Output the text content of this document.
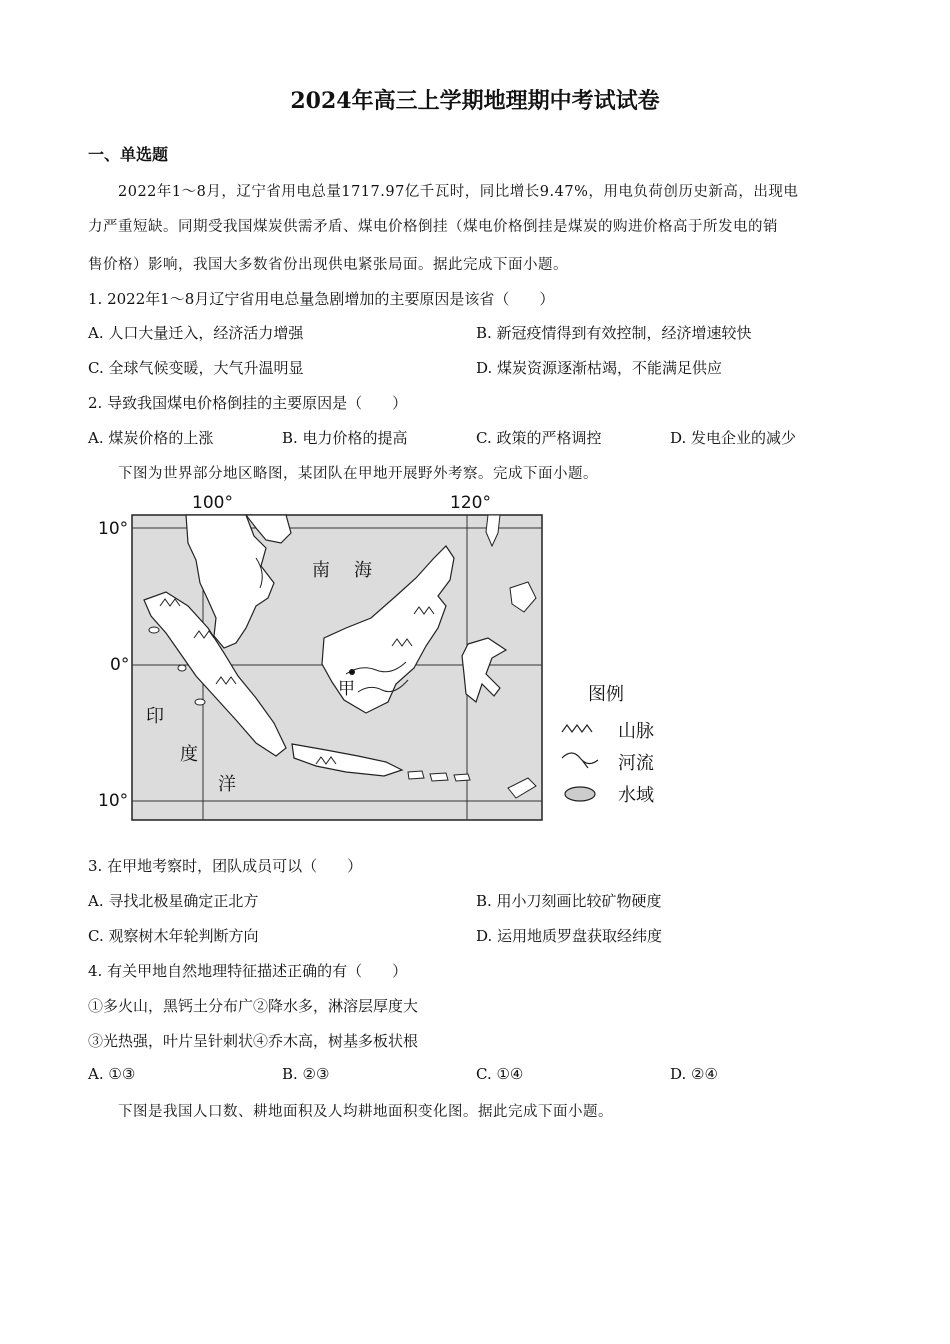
2024年高三上学期地理期中考试试卷
一、单选题
2022年1～8月，辽宁省用电总量1717.97亿千瓦时，同比增长9.47%，用电负荷创历史新高，出现电
力严重短缺。同期受我国煤炭供需矛盾、煤电价格倒挂（煤电价格倒挂是煤炭的购进价格高于所发电的销
售价格）影响，我国大多数省份出现供电紧张局面。据此完成下面小题。
1. 2022年1～8月辽宁省用电总量急剧增加的主要原因是该省（　　）
A. 人口大量迁入，经济活力增强	B. 新冠疫情得到有效控制，经济增速较快
C. 全球气候变暖，大气升温明显	D. 煤炭资源逐渐枯竭，不能满足供应
2. 导致我国煤电价格倒挂的主要原因是（　　）
A. 煤炭价格的上涨	B. 电力价格的提高	C. 政策的严格调控	D. 发电企业的减少
下图为世界部分地区略图，某团队在甲地开展野外考察。完成下面小题。
100°	120°
10°
0°
10°
南 海
印
度
洋
甲	图例
山脉
河流
水域
3. 在甲地考察时，团队成员可以（　　）
A. 寻找北极星确定正北方	B. 用小刀刻画比较矿物硬度
C. 观察树木年轮判断方向	D. 运用地质罗盘获取经纬度
4. 有关甲地自然地理特征描述正确的有（　　）
①多火山，黑钙土分布广②降水多，淋溶层厚度大
③光热强，叶片呈针刺状④乔木高，树基多板状根
A. ①③	B. ②③	C. ①④	D. ②④
下图是我国人口数、耕地面积及人均耕地面积变化图。据此完成下面小题。
